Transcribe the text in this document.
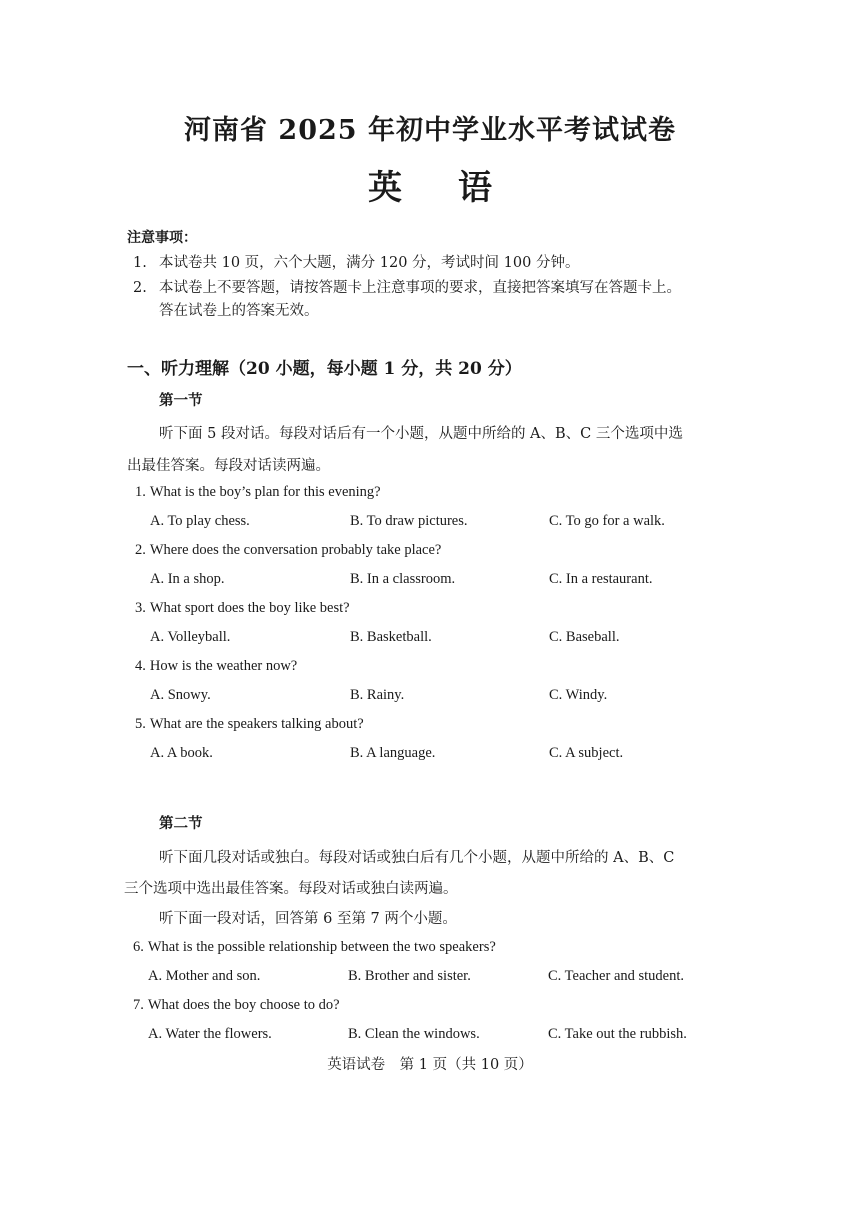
河南省 2025 年初中学业水平考试试卷
英语
注意事项：
1. 本试卷共 10 页，六个大题，满分 120 分，考试时间 100 分钟。
2. 本试卷上不要答题，请按答题卡上注意事项的要求，直接把答案填写在答题卡上。
答在试卷上的答案无效。
一、听力理解（20 小题，每小题 1 分，共 20 分）
第一节
听下面 5 段对话。每段对话后有一个小题，从题中所给的 A、B、C 三个选项中选
出最佳答案。每段对话读两遍。
1. What is the boy’s plan for this evening?
A. To play chess.	B. To draw pictures.	C. To go for a walk.
2. Where does the conversation probably take place?
A. In a shop.	B. In a classroom.	C. In a restaurant.
3. What sport does the boy like best?
A. Volleyball.	B. Basketball.	C. Baseball.
4. How is the weather now?
A. Snowy.	B. Rainy.	C. Windy.
5. What are the speakers talking about?
A. A book.	B. A language.	C. A subject.
第二节
听下面几段对话或独白。每段对话或独白后有几个小题，从题中所给的 A、B、C
三个选项中选出最佳答案。每段对话或独白读两遍。
听下面一段对话，回答第 6 至第 7 两个小题。
6. What is the possible relationship between the two speakers?
A. Mother and son.	B. Brother and sister.	C. Teacher and student.
7. What does the boy choose to do?
A. Water the flowers.	B. Clean the windows.	C. Take out the rubbish.
英语试卷　第 1 页（共 10 页）
